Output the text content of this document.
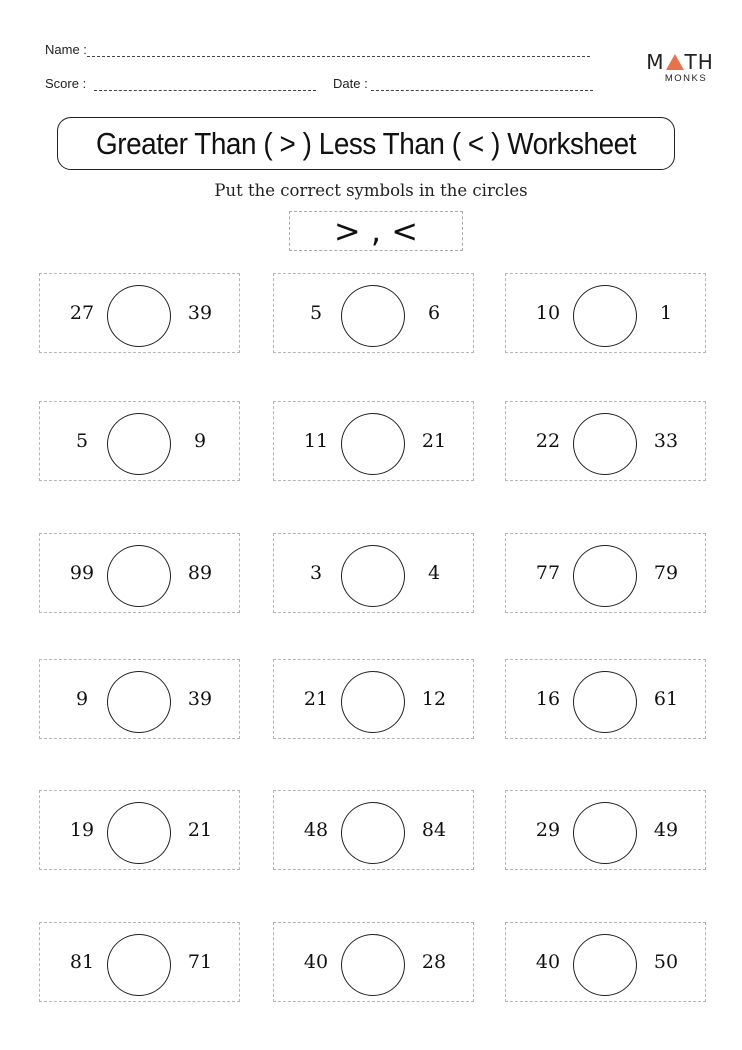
Name :
Score :	Date :
M TH
MONKS
Greater Than ( > ) Less Than ( < ) Worksheet
Put the correct symbols in the circles
> , <
27	39	5	6	10	1
5	9	11	21	22	33
99	89	3	4	77	79
9	39	21	12	16	61
19	21	48	84	29	49
81	71	40	28	40	50
